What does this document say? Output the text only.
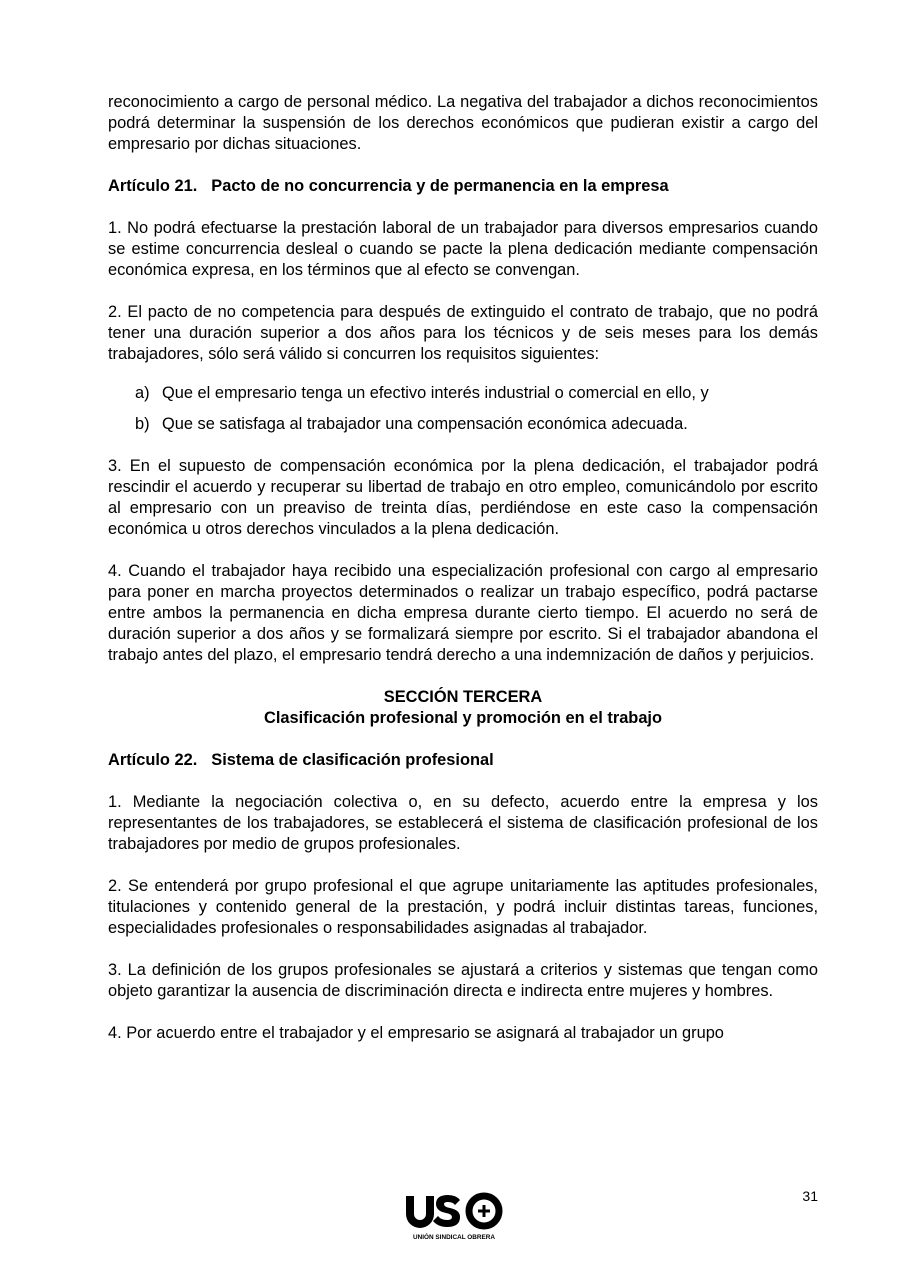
reconocimiento a cargo de personal médico. La negativa del trabajador a dichos reconocimientos podrá determinar la suspensión de los derechos económicos que pudieran existir a cargo del empresario por dichas situaciones.

Artículo 21. Pacto de no concurrencia y de permanencia en la empresa

1. No podrá efectuarse la prestación laboral de un trabajador para diversos empresarios cuando se estime concurrencia desleal o cuando se pacte la plena dedicación mediante compensación económica expresa, en los términos que al efecto se convengan.

2. El pacto de no competencia para después de extinguido el contrato de trabajo, que no podrá tener una duración superior a dos años para los técnicos y de seis meses para los demás trabajadores, sólo será válido si concurren los requisitos siguientes:

a) Que el empresario tenga un efectivo interés industrial o comercial en ello, y
b) Que se satisfaga al trabajador una compensación económica adecuada.

3. En el supuesto de compensación económica por la plena dedicación, el trabajador podrá rescindir el acuerdo y recuperar su libertad de trabajo en otro empleo, comunicándolo por escrito al empresario con un preaviso de treinta días, perdiéndose en este caso la compensación económica u otros derechos vinculados a la plena dedicación.

4. Cuando el trabajador haya recibido una especialización profesional con cargo al empresario para poner en marcha proyectos determinados o realizar un trabajo específico, podrá pactarse entre ambos la permanencia en dicha empresa durante cierto tiempo. El acuerdo no será de duración superior a dos años y se formalizará siempre por escrito. Si el trabajador abandona el trabajo antes del plazo, el empresario tendrá derecho a una indemnización de daños y perjuicios.

SECCIÓN TERCERA
Clasificación profesional y promoción en el trabajo
Artículo 22. Sistema de clasificación profesional

1. Mediante la negociación colectiva o, en su defecto, acuerdo entre la empresa y los representantes de los trabajadores, se establecerá el sistema de clasificación profesional de los trabajadores por medio de grupos profesionales.

2. Se entenderá por grupo profesional el que agrupe unitariamente las aptitudes profesionales, titulaciones y contenido general de la prestación, y podrá incluir distintas tareas, funciones, especialidades profesionales o responsabilidades asignadas al trabajador.

3. La definición de los grupos profesionales se ajustará a criterios y sistemas que tengan como objeto garantizar la ausencia de discriminación directa e indirecta entre mujeres y hombres.

4. Por acuerdo entre el trabajador y el empresario se asignará al trabajador un grupo

31
UNIÓN SINDICAL OBRERA
